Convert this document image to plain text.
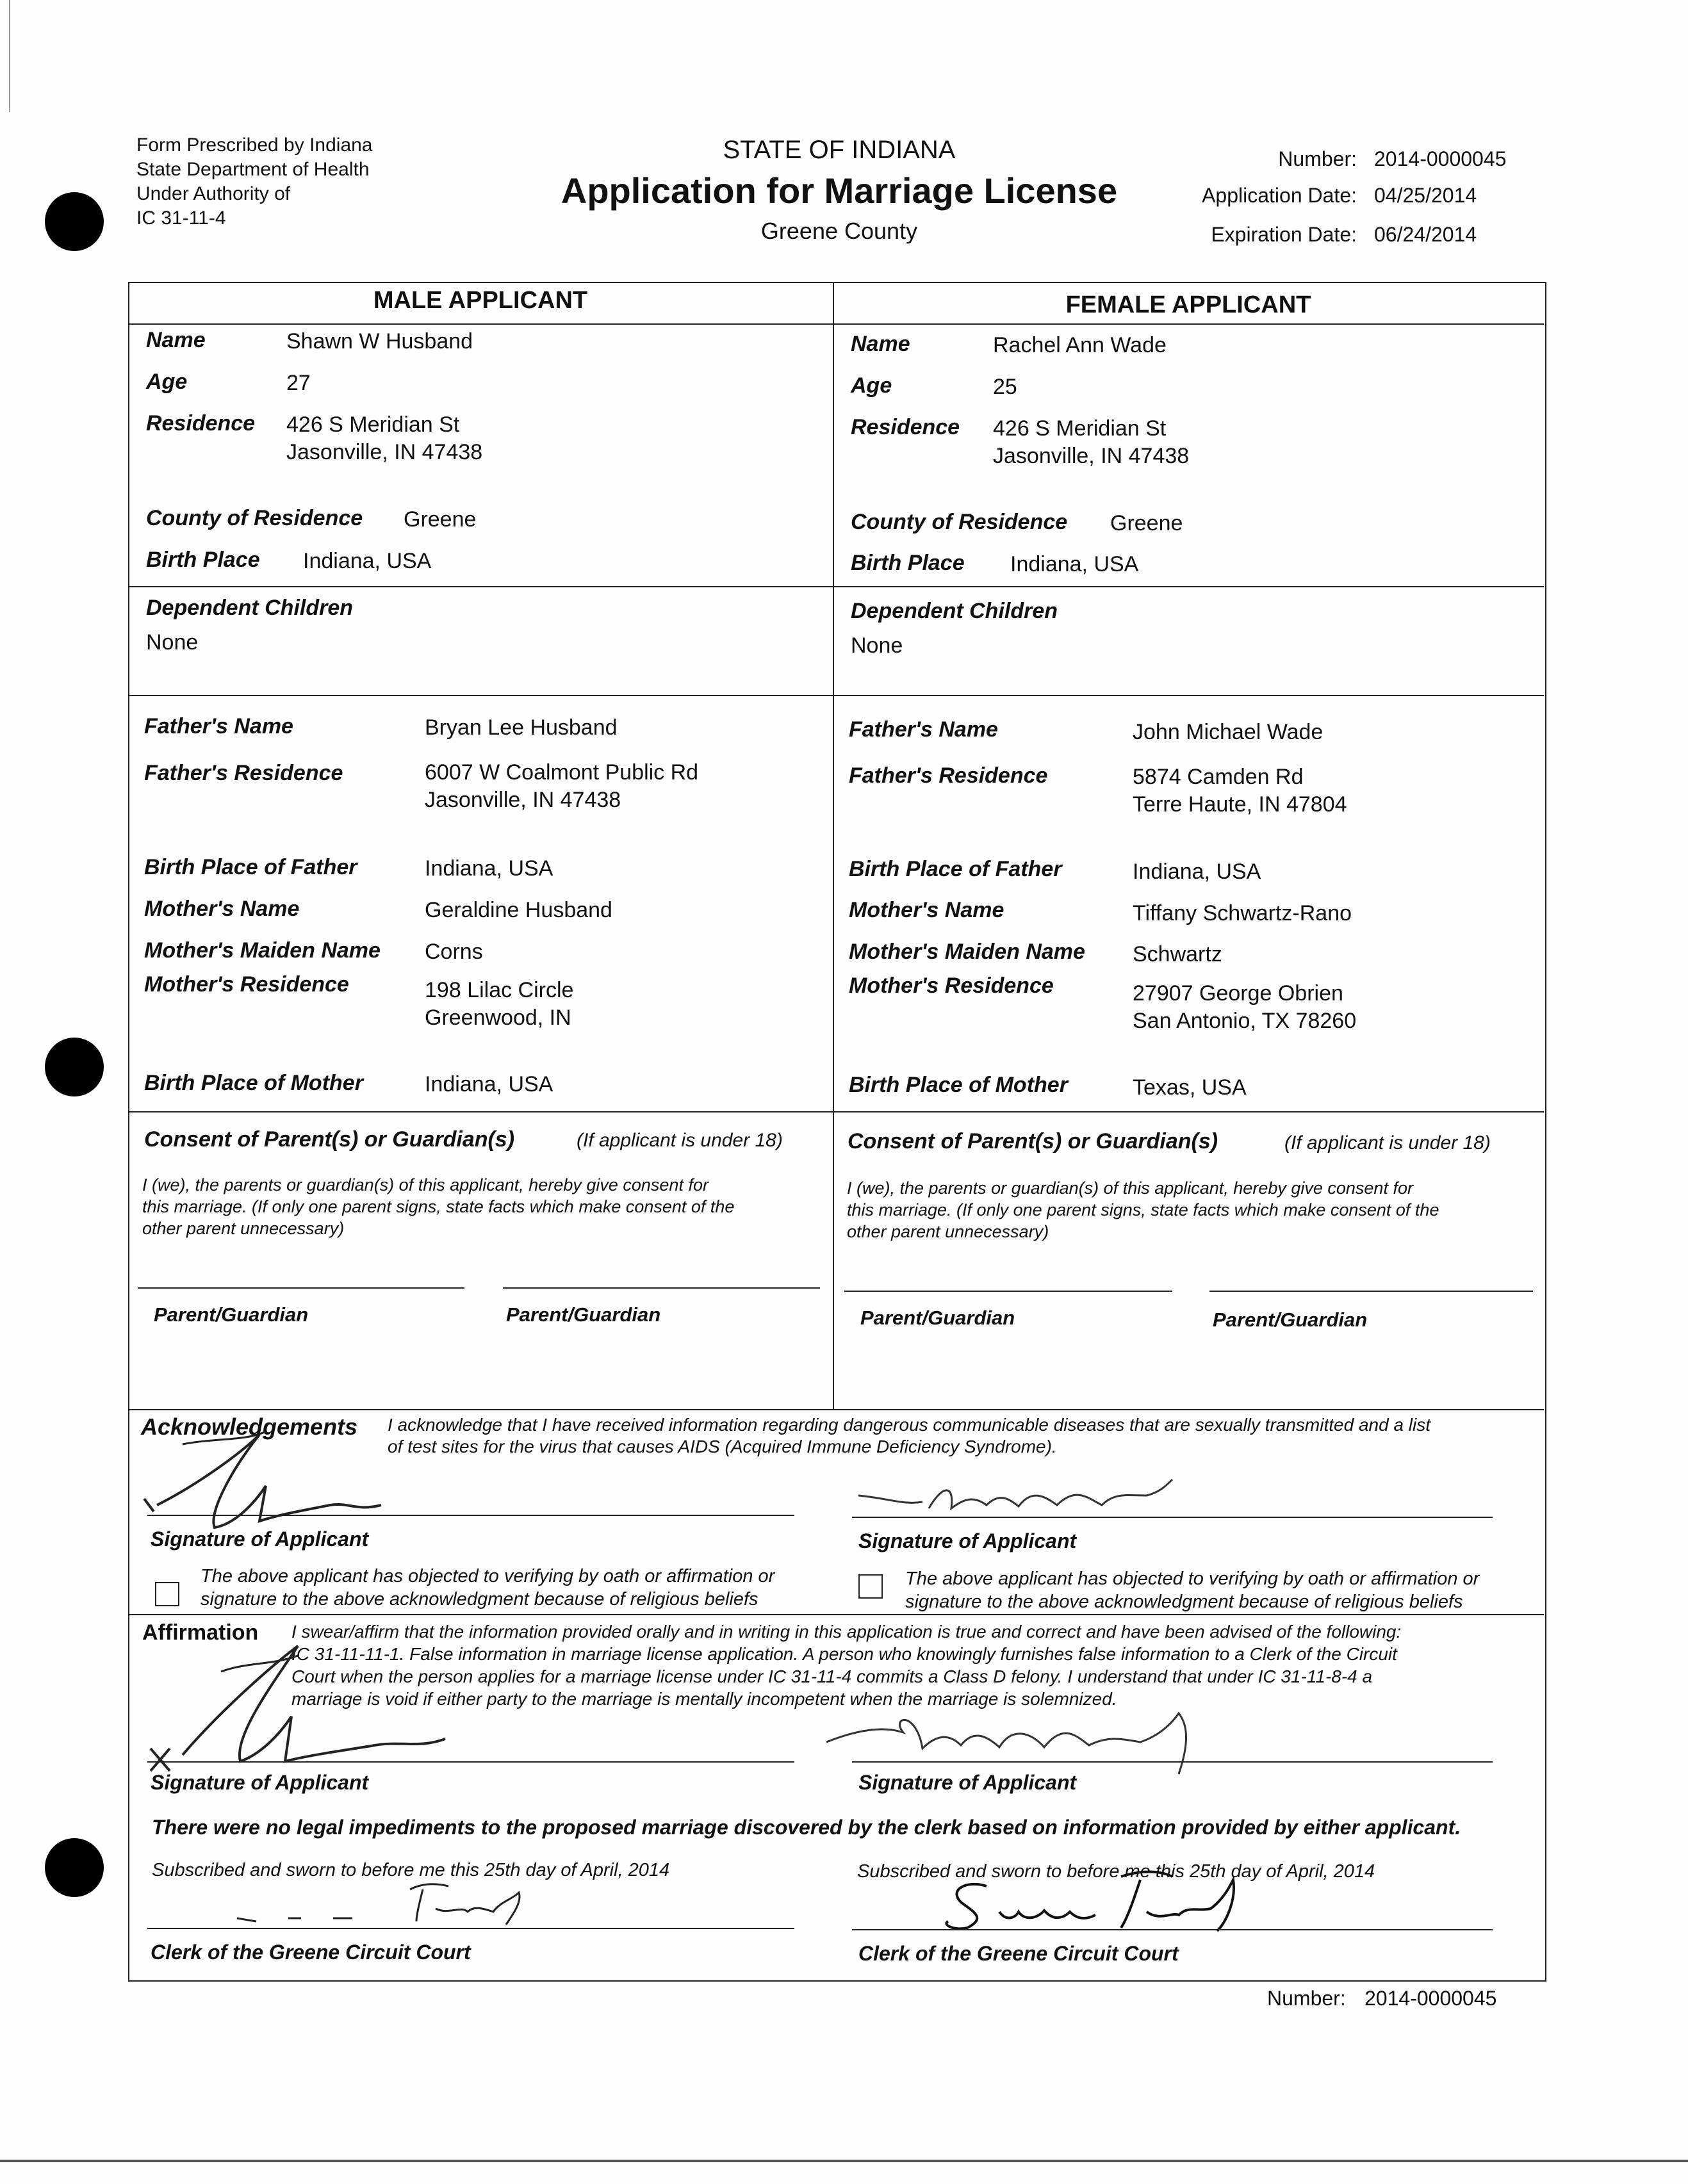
Form Prescribed by Indiana
State Department of Health
Under Authority of
IC 31-11-4
STATE OF INDIANA
Application for Marriage License
Greene County
Number: 2014-0000045
Application Date: 04/25/2014
Expiration Date: 06/24/2014
MALE APPLICANT	FEMALE APPLICANT
Name	Shawn W Husband
Age	27
Residence 426 S Meridian St
Jasonville, IN 47438
County of Residence Greene
Birth Place Indiana, USA
Dependent Children
None
Father's Name	Bryan Lee Husband
Father's Residence	6007 W Coalmont Public Rd
Jasonville, IN 47438
Birth Place of Father	Indiana, USA
Mother's Name	Geraldine Husband
Mother's Maiden Name Corns
Mother's Residence	198 Lilac Circle
Greenwood, IN
Birth Place of Mother	Indiana, USA
Name	Rachel Ann Wade
Age	25
Residence 426 S Meridian St
Jasonville, IN 47438
County of Residence Greene
Birth Place Indiana, USA
Dependent Children
None
Father's Name	John Michael Wade
Father's Residence	5874 Camden Rd
Terre Haute, IN 47804
Birth Place of Father	Indiana, USA
Mother's Name	Tiffany Schwartz-Rano
Mother's Maiden Name Schwartz
Mother's Residence	27907 George Obrien
San Antonio, TX 78260
Birth Place of Mother	Texas, USA
Consent of Parent(s) or Guardian(s)	(If applicant is under 18)
I (we), the parents or guardian(s) of this applicant, hereby give consent for
this marriage. (If only one parent signs, state facts which make consent of the
other parent unnecessary)
Parent/Guardian	Parent/Guardian
Consent of Parent(s) or Guardian(s)	(If applicant is under 18)
I (we), the parents or guardian(s) of this applicant, hereby give consent for
this marriage. (If only one parent signs, state facts which make consent of the
other parent unnecessary)
Parent/Guardian	Parent/Guardian
Acknowledgements I acknowledge that I have received information regarding dangerous communicable diseases that are sexually transmitted and a list
of test sites for the virus that causes AIDS (Acquired Immune Deficiency Syndrome).
Signature of Applicant	Signature of Applicant
The above applicant has objected to verifying by oath or affirmation or
signature to the above acknowledgment because of religious beliefs
The above applicant has objected to verifying by oath or affirmation or
signature to the above acknowledgment because of religious beliefs
Affirmation I swear/affirm that the information provided orally and in writing in this application is true and correct and have been advised of the following:
IC 31-11-11-1. False information in marriage license application. A person who knowingly furnishes false information to a Clerk of the Circuit
Court when the person applies for a marriage license under IC 31-11-4 commits a Class D felony. I understand that under IC 31-11-8-4 a
marriage is void if either party to the marriage is mentally incompetent when the marriage is solemnized.
Signature of Applicant	Signature of Applicant
There were no legal impediments to the proposed marriage discovered by the clerk based on information provided by either applicant.
Subscribed and sworn to before me this 25th day of April, 2014	Subscribed and sworn to before me this 25th day of April, 2014
Clerk of the Greene Circuit Court	Clerk of the Greene Circuit Court
Number: 2014-0000045
